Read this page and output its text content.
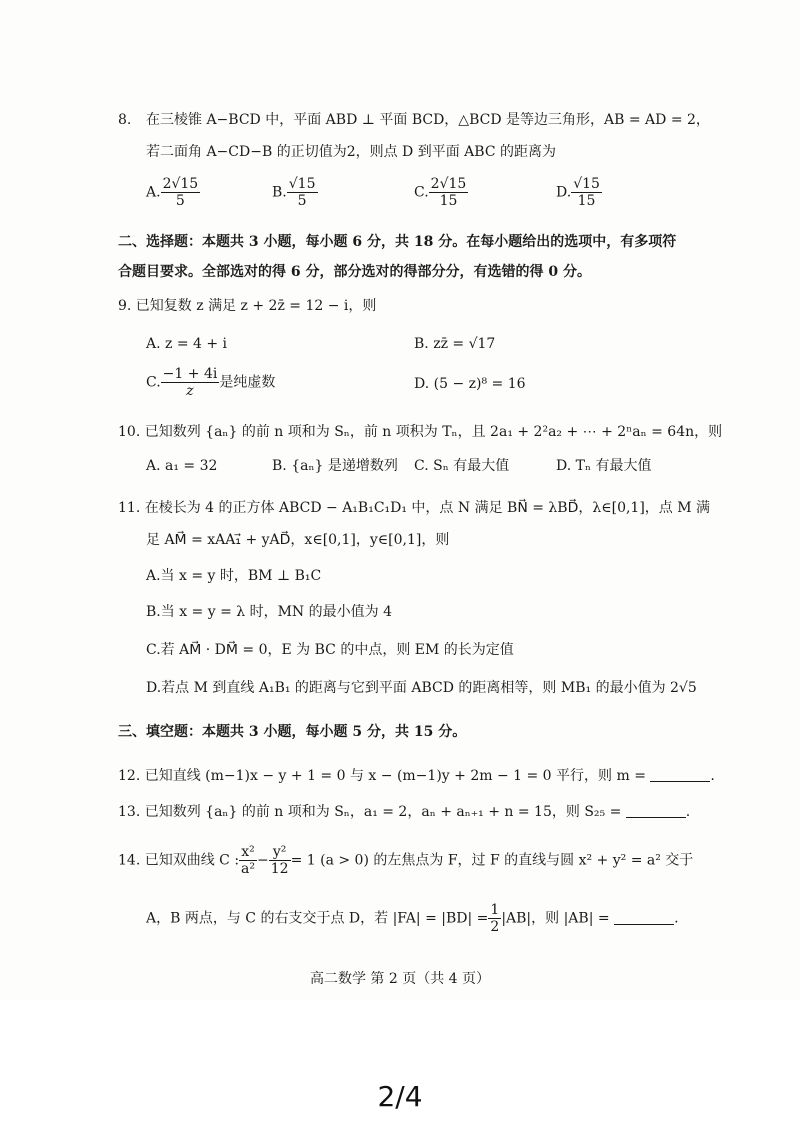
8. 在三棱锥 A−BCD 中，平面 ABD ⊥ 平面 BCD，△BCD 是等边三角形，AB = AD = 2，
若二面角 A−CD−B 的正切值为2，则点 D 到平面 ABC 的距离为
A. $\frac{2√15}{5}$	B. $\frac{√15}{5}$	C. $\frac{2√15}{15}$	D. $\frac{√15}{15}$
二、选择题：本题共 3 小题，每小题 6 分，共 18 分。在每小题给出的选项中，有多项符
合题目要求。全部选对的得 6 分，部分选对的得部分分，有选错的得 0 分。
9. 已知复数 z 满足 z + 2z̄ = 12 − i，则
A. z = 4 + i	B. zz̄ = √17
C. $\frac{-1 + 4i}{z}$ 是纯虚数	D. (5 − z)⁸ = 16
10. 已知数列 {aₙ} 的前 n 项和为 Sₙ，前 n 项积为 Tₙ，且 2a₁ + 2²a₂ + ⋯ + 2ⁿaₙ = 64n，则
A. a₁ = 32	B. {aₙ} 是递增数列 C. Sₙ 有最大值	D. Tₙ 有最大值
11. 在棱长为 4 的正方体 ABCD − A₁B₁C₁D₁ 中，点 N 满足 BN⃗ = λBD⃗，λ∈[0,1]，点 M 满
足 AM⃗ = xAA₁⃗ + yAD⃗，x∈[0,1]，y∈[0,1]，则
A.当 x = y 时，BM ⊥ B₁C
B.当 x = y = λ 时，MN 的最小值为 4
C.若 AM⃗ · DM⃗ = 0，E 为 BC 的中点，则 EM 的长为定值
D.若点 M 到直线 A₁B₁ 的距离与它到平面 ABCD 的距离相等，则 MB₁ 的最小值为 2√5
三、填空题：本题共 3 小题，每小题 5 分，共 15 分。
12. 已知直线 (m−1)x − y + 1 = 0 与 x − (m−1)y + 2m − 1 = 0 平行，则 m =	.
13. 已知数列 {aₙ} 的前 n 项和为 Sₙ，a₁ = 2，aₙ + aₙ₊₁ + n = 15，则 S₂₅ =	.
14. 已知双曲线 C : $\frac{\text{x²}}{\text{a²}} - \frac{\text{y²}}{12} = 1$ (a > 0) 的左焦点为 F，过 F 的直线与圆 x² + y² = a² 交于
A，B 两点，与 C 的右支交于点 D，若 $|FA| = |BD| = \frac{1}{2} |AB|$，则 |AB| =	.
高二数学 第 2 页（共 4 页）
2/4
